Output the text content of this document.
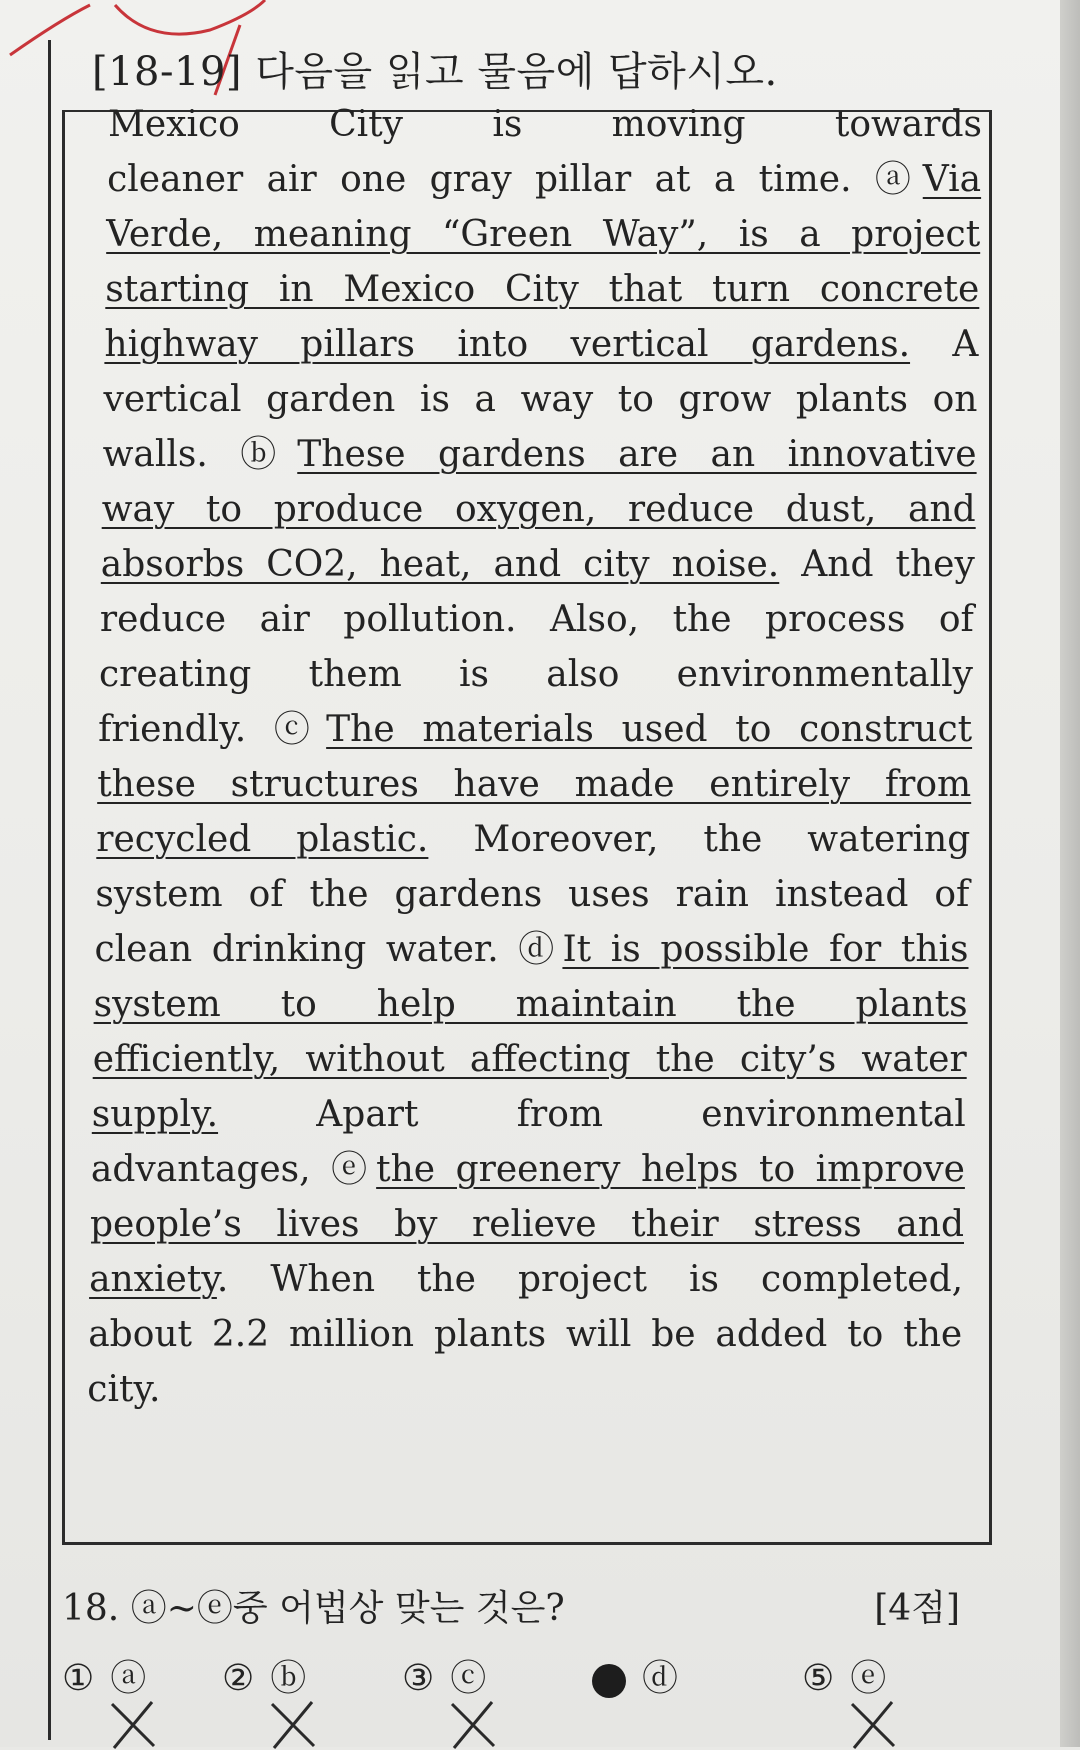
[18-19] 다음을 읽고 물음에 답하시오.
Mexico City is moving towards
cleaner air one gray pillar at a time. ⓐVia
Verde, meaning “Green Way”, is a project
starting in Mexico City that turn concrete
highway pillars into vertical gardens. A
vertical garden is a way to grow plants on
walls. ⓑThese gardens are an innovative
way to produce oxygen, reduce dust, and
absorbs CO2, heat, and city noise. And they
reduce air pollution. Also, the process of
creating them is also environmentally
friendly. ⓒThe materials used to construct
these structures have made entirely from
recycled plastic. Moreover, the watering
system of the gardens uses rain instead of
clean drinking water. ⓓIt is possible for this
system to help maintain the plants
efficiently, without affecting the city’s water
supply. Apart from environmental
advantages, ⓔthe greenery helps to improve
people’s lives by relieve their stress and
anxiety. When the project is completed,
about 2.2 million plants will be added to the
city.
18. ⓐ~ⓔ중 어법상 맞는 것은?	[4점]
① ⓐ ② ⓑ	③ ⓒ	ⓓ	⑤ ⓔ
